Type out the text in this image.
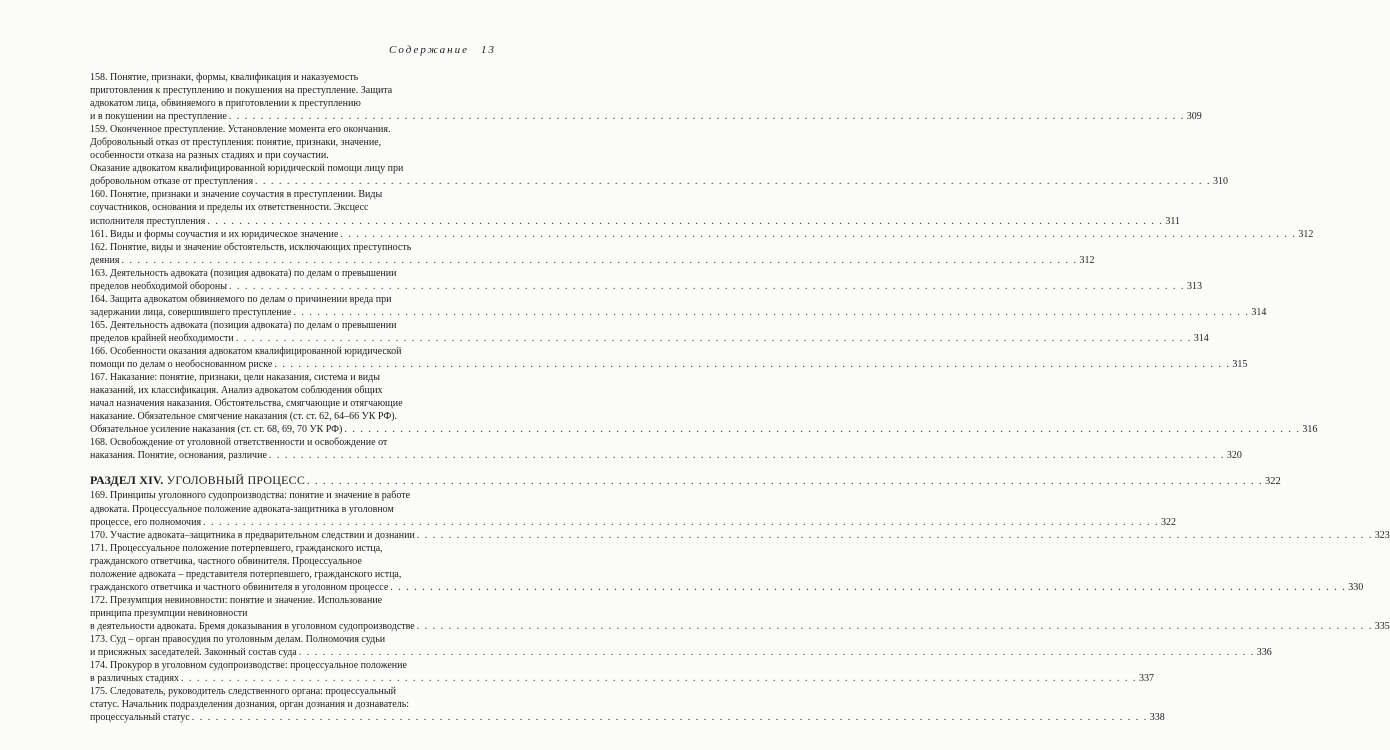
Содержание 13
158. Понятие, признаки, формы, квалификация и наказуемость
приготовления к преступлению и покушения на преступление. Защита
адвокатом лица, обвиняемого в приготовлении к преступлению
и в покушении на преступление . . . . . . . . . . . . . . . . . . . . . . . . . . . . . . . . . . . . . . . . . . . . . . . . . . . . . . . . . . . . . . . . . . . . . . . . . . . . . . . . . . . . . . . . . . . . . . . . . . . . . . . . . . . . . . . . . . . . . . . . 309
159. Оконченное преступление. Установление момента его окончания.
Добровольный отказ от преступления: понятие, признаки, значение,
особенности отказа на разных стадиях и при соучастии.
Оказание адвокатом квалифицированной юридической помощи лицу при
добровольном отказе от преступления . . . . . . . . . . . . . . . . . . . . . . . . . . . . . . . . . . . . . . . . . . . . . . . . . . . . . . . . . . . . . . . . . . . . . . . . . . . . . . . . . . . . . . . . . . . . . . . . . . . . . . . . . . . . . . . . . . . . . . . . 310
160. Понятие, признаки и значение соучастия в преступлении. Виды
соучастников, основания и пределы их ответственности. Эксцесс
исполнителя преступления . . . . . . . . . . . . . . . . . . . . . . . . . . . . . . . . . . . . . . . . . . . . . . . . . . . . . . . . . . . . . . . . . . . . . . . . . . . . . . . . . . . . . . . . . . . . . . . . . . . . . . . . . . . . . . . . . . . . . . . . 311
161. Виды и формы соучастия и их юридическое значение . . . . . . . . . . . . . . . . . . . . . . . . . . . . . . . . . . . . . . . . . . . . . . . . . . . . . . . . . . . . . . . . . . . . . . . . . . . . . . . . . . . . . . . . . . . . . . . . . . . . . . . . . . . . . . . . . . . . . . . . 312
162. Понятие, виды и значение обстоятельств, исключающих преступность
деяния . . . . . . . . . . . . . . . . . . . . . . . . . . . . . . . . . . . . . . . . . . . . . . . . . . . . . . . . . . . . . . . . . . . . . . . . . . . . . . . . . . . . . . . . . . . . . . . . . . . . . . . . . . . . . . . . . . . . . . . . 312
163. Деятельность адвоката (позиция адвоката) по делам о превышении
пределов необходимой обороны . . . . . . . . . . . . . . . . . . . . . . . . . . . . . . . . . . . . . . . . . . . . . . . . . . . . . . . . . . . . . . . . . . . . . . . . . . . . . . . . . . . . . . . . . . . . . . . . . . . . . . . . . . . . . . . . . . . . . . . . 313
164. Защита адвокатом обвиняемого по делам о причинении вреда при
задержании лица, совершившего преступление . . . . . . . . . . . . . . . . . . . . . . . . . . . . . . . . . . . . . . . . . . . . . . . . . . . . . . . . . . . . . . . . . . . . . . . . . . . . . . . . . . . . . . . . . . . . . . . . . . . . . . . . . . . . . . . . . . . . . . . . 314
165. Деятельность адвоката (позиция адвоката) по делам о превышении
пределов крайней необходимости . . . . . . . . . . . . . . . . . . . . . . . . . . . . . . . . . . . . . . . . . . . . . . . . . . . . . . . . . . . . . . . . . . . . . . . . . . . . . . . . . . . . . . . . . . . . . . . . . . . . . . . . . . . . . . . . . . . . . . . . 314
166. Особенности оказания адвокатом квалифицированной юридической
помощи по делам о необоснованном риске . . . . . . . . . . . . . . . . . . . . . . . . . . . . . . . . . . . . . . . . . . . . . . . . . . . . . . . . . . . . . . . . . . . . . . . . . . . . . . . . . . . . . . . . . . . . . . . . . . . . . . . . . . . . . . . . . . . . . . . . 315
167. Наказание: понятие, признаки, цели наказания, система и виды
наказаний, их классификация. Анализ адвокатом соблюдения общих
начал назначения наказания. Обстоятельства, смягчающие и отягчающие
наказание. Обязательное смягчение наказания (ст. ст. 62, 64–66 УК РФ).
Обязательное усиление наказания (ст. ст. 68, 69, 70 УК РФ) . . . . . . . . . . . . . . . . . . . . . . . . . . . . . . . . . . . . . . . . . . . . . . . . . . . . . . . . . . . . . . . . . . . . . . . . . . . . . . . . . . . . . . . . . . . . . . . . . . . . . . . . . . . . . . . . . . . . . . . . 316
168. Освобождение от уголовной ответственности и освобождение от
наказания. Понятие, основания, различие . . . . . . . . . . . . . . . . . . . . . . . . . . . . . . . . . . . . . . . . . . . . . . . . . . . . . . . . . . . . . . . . . . . . . . . . . . . . . . . . . . . . . . . . . . . . . . . . . . . . . . . . . . . . . . . . . . . . . . . . 320
РАЗДЕЛ XIV. УГОЛОВНЫЙ ПРОЦЕСС . . . . . . . . . . . . . . . . . . . . . . . . . . . . . . . . . . . . . . . . . . . . . . . . . . . . . . . . . . . . . . . . . . . . . . . . . . . . . . . . . . . . . . . . . . . . . . . . . . . . . . . . . . . . . . . . . . . . . . . . 322
169. Принципы уголовного судопроизводства: понятие и значение в работе
адвоката. Процессуальное положение адвоката-защитника в уголовном
процессе, его полномочия . . . . . . . . . . . . . . . . . . . . . . . . . . . . . . . . . . . . . . . . . . . . . . . . . . . . . . . . . . . . . . . . . . . . . . . . . . . . . . . . . . . . . . . . . . . . . . . . . . . . . . . . . . . . . . . . . . . . . . . . 322
170. Участие адвоката–защитника в предварительном следствии и дознании . . . . . . . . . . . . . . . . . . . . . . . . . . . . . . . . . . . . . . . . . . . . . . . . . . . . . . . . . . . . . . . . . . . . . . . . . . . . . . . . . . . . . . . . . . . . . . . . . . . . . . . . . . . . . . . . . . . . . . . . 323
171. Процессуальное положение потерпевшего, гражданского истца,
гражданского ответчика, частного обвинителя. Процессуальное
положение адвоката – представителя потерпевшего, гражданского истца,
гражданского ответчика и частного обвинителя в уголовном процессе . . . . . . . . . . . . . . . . . . . . . . . . . . . . . . . . . . . . . . . . . . . . . . . . . . . . . . . . . . . . . . . . . . . . . . . . . . . . . . . . . . . . . . . . . . . . . . . . . . . . . . . . . . . . . . . . . . . . . . . . 330
172. Презумпция невиновности: понятие и значение. Использование
принципа презумпции невиновности
в деятельности адвоката. Бремя доказывания в уголовном судопроизводстве . . . . . . . . . . . . . . . . . . . . . . . . . . . . . . . . . . . . . . . . . . . . . . . . . . . . . . . . . . . . . . . . . . . . . . . . . . . . . . . . . . . . . . . . . . . . . . . . . . . . . . . . . . . . . . . . . . . . . . . . 335
173. Суд – орган правосудия по уголовным делам. Полномочия судьи
и присяжных заседателей. Законный состав суда . . . . . . . . . . . . . . . . . . . . . . . . . . . . . . . . . . . . . . . . . . . . . . . . . . . . . . . . . . . . . . . . . . . . . . . . . . . . . . . . . . . . . . . . . . . . . . . . . . . . . . . . . . . . . . . . . . . . . . . . 336
174. Прокурор в уголовном судопроизводстве: процессуальное положение
в различных стадиях . . . . . . . . . . . . . . . . . . . . . . . . . . . . . . . . . . . . . . . . . . . . . . . . . . . . . . . . . . . . . . . . . . . . . . . . . . . . . . . . . . . . . . . . . . . . . . . . . . . . . . . . . . . . . . . . . . . . . . . . 337
175. Следователь, руководитель следственного органа: процессуальный
статус. Начальник подразделения дознания, орган дознания и дознаватель:
процессуальный статус . . . . . . . . . . . . . . . . . . . . . . . . . . . . . . . . . . . . . . . . . . . . . . . . . . . . . . . . . . . . . . . . . . . . . . . . . . . . . . . . . . . . . . . . . . . . . . . . . . . . . . . . . . . . . . . . . . . . . . . . 338
